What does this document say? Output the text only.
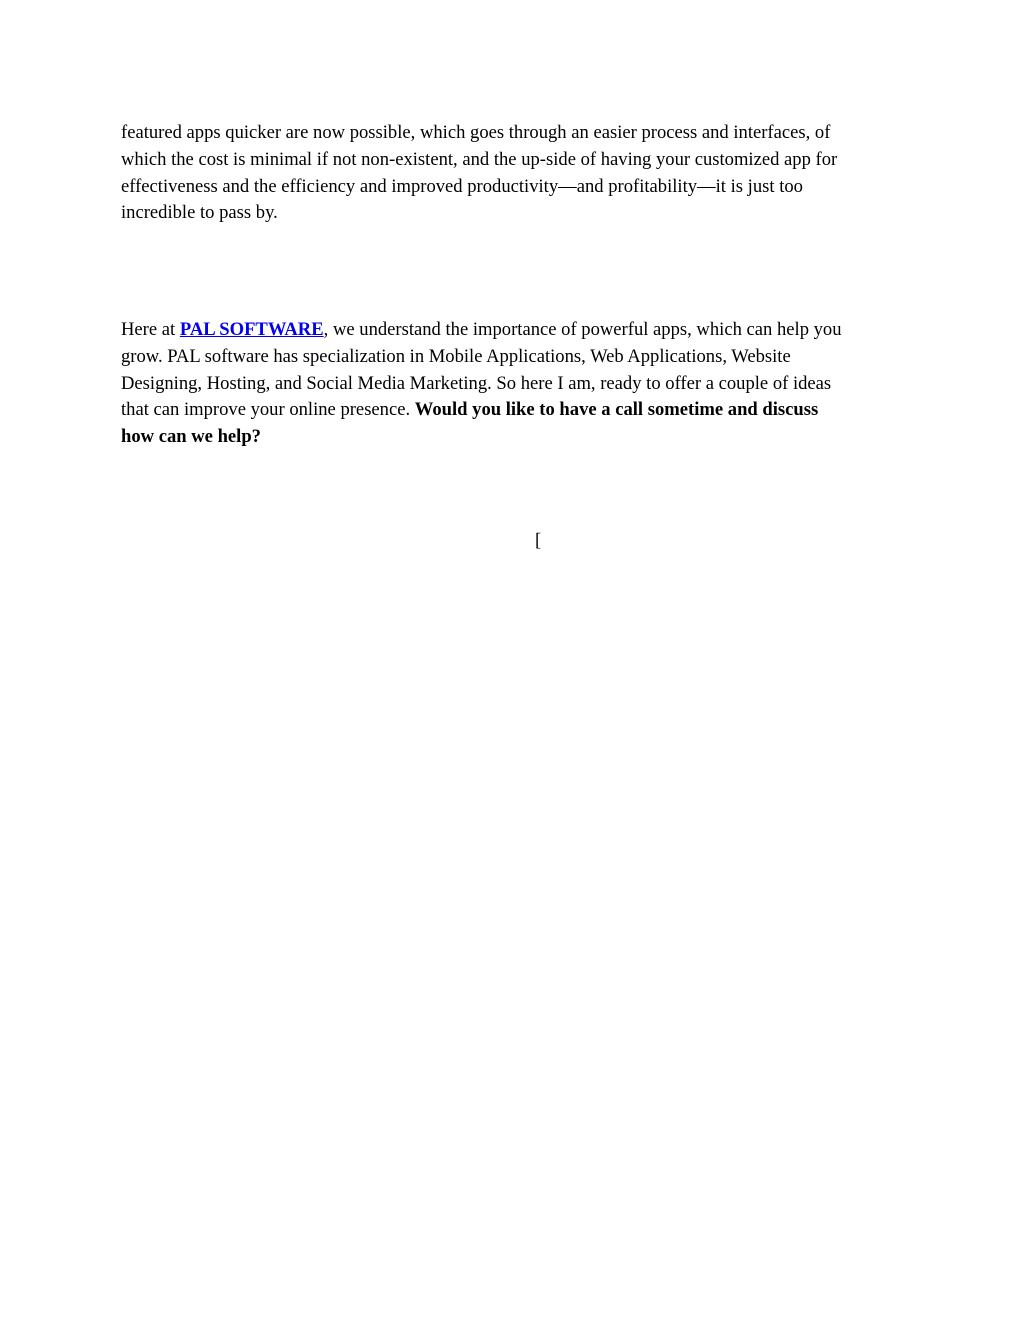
featured apps quicker are now possible, which goes through an easier process and interfaces, of
which the cost is minimal if not non-existent, and the up-side of having your customized app for
effectiveness and the efficiency and improved productivity—and profitability—it is just too
incredible to pass by.

Here at PAL SOFTWARE, we understand the importance of powerful apps, which can help you
grow. PAL software has specialization in Mobile Applications, Web Applications, Website
Designing, Hosting, and Social Media Marketing. So here I am, ready to offer a couple of ideas
that can improve your online presence. Would you like to have a call sometime and discuss
how can we help?

[
